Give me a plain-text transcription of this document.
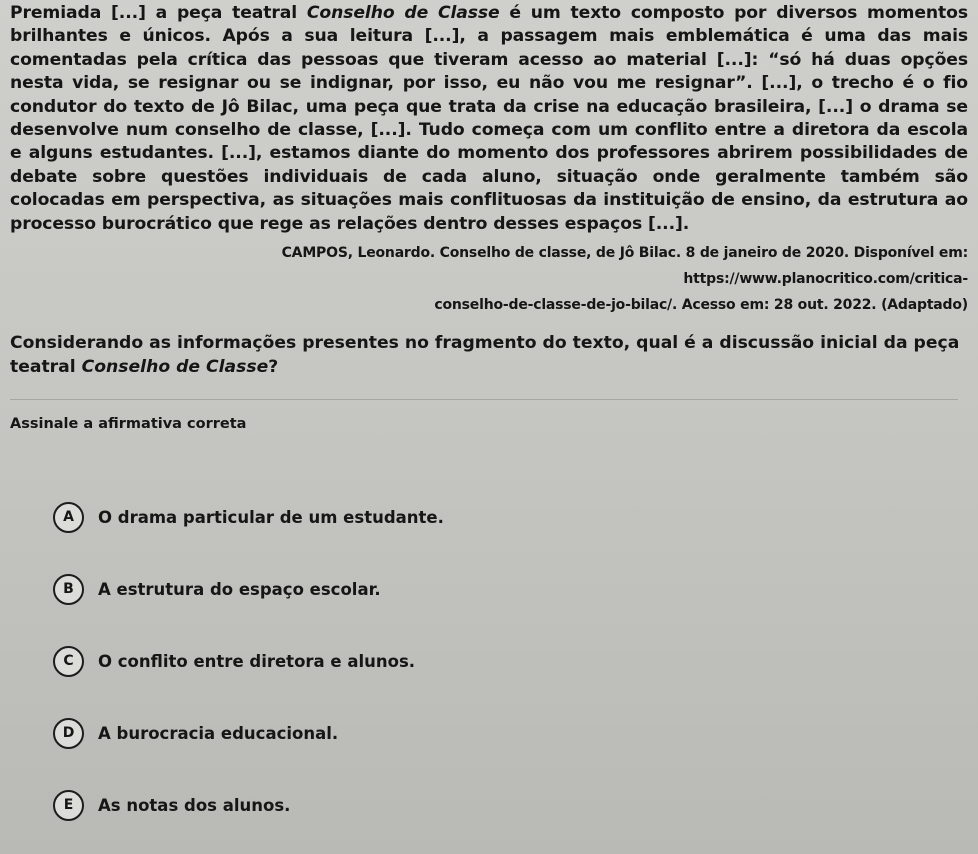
Premiada [...] a peça teatral Conselho de Classe é um texto composto por diversos momentos brilhantes e únicos. Após a sua leitura [...], a passagem mais emblemática é uma das mais comentadas pela crítica das pessoas que tiveram acesso ao material [...]: “só há duas opções nesta vida, se resignar ou se indignar, por isso, eu não vou me resignar”. [...], o trecho é o fio condutor do texto de Jô Bilac, uma peça que trata da crise na educação brasileira, [...] o drama se desenvolve num conselho de classe, [...]. Tudo começa com um conflito entre a diretora da escola e alguns estudantes. [...], estamos diante do momento dos professores abrirem possibilidades de debate sobre questões individuais de cada aluno, situação onde geralmente também são colocadas em perspectiva, as situações mais conflituosas da instituição de ensino, da estrutura ao processo burocrático que rege as relações dentro desses espaços [...].

CAMPOS, Leonardo. Conselho de classe, de Jô Bilac. 8 de janeiro de 2020. Disponível em: https://www.planocritico.com/critica-
conselho-de-classe-de-jo-bilac/. Acesso em: 28 out. 2022. (Adaptado)

Considerando as informações presentes no fragmento do texto, qual é a discussão inicial da peça teatral Conselho de Classe?

Assinale a afirmativa correta
A	O drama particular de um estudante.
B	A estrutura do espaço escolar.
C	O conflito entre diretora e alunos.
D	A burocracia educacional.
E	As notas dos alunos.
